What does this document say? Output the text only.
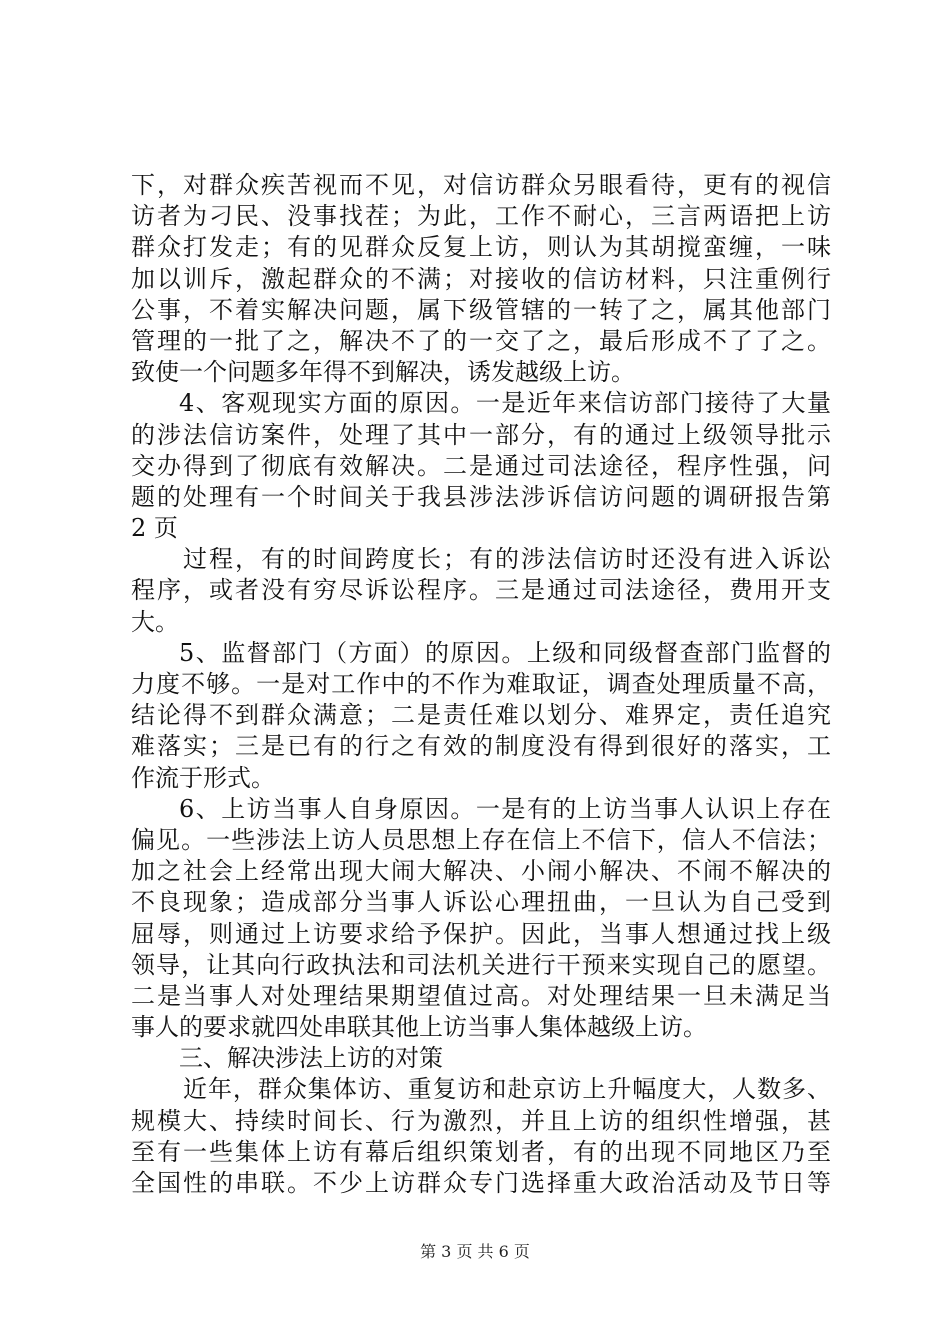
下，对群众疾苦视而不见，对信访群众另眼看待，更有的视信
访者为刁民、没事找茬；为此，工作不耐心，三言两语把上访
群众打发走；有的见群众反复上访，则认为其胡搅蛮缠，一味
加以训斥，激起群众的不满；对接收的信访材料，只注重例行
公事，不着实解决问题，属下级管辖的一转了之，属其他部门
管理的一批了之，解决不了的一交了之，最后形成不了了之。
致使一个问题多年得不到解决，诱发越级上访。
4、客观现实方面的原因。一是近年来信访部门接待了大量
的涉法信访案件，处理了其中一部分，有的通过上级领导批示
交办得到了彻底有效解决。二是通过司法途径，程序性强，问
题的处理有一个时间关于我县涉法涉诉信访问题的调研报告第
2 页
过程，有的时间跨度长；有的涉法信访时还没有进入诉讼
程序，或者没有穷尽诉讼程序。三是通过司法途径，费用开支
大。
5、监督部门（方面）的原因。上级和同级督查部门监督的
力度不够。一是对工作中的不作为难取证，调查处理质量不高，
结论得不到群众满意；二是责任难以划分、难界定，责任追究
难落实；三是已有的行之有效的制度没有得到很好的落实，工
作流于形式。
6、上访当事人自身原因。一是有的上访当事人认识上存在
偏见。一些涉法上访人员思想上存在信上不信下，信人不信法；
加之社会上经常出现大闹大解决、小闹小解决、不闹不解决的
不良现象；造成部分当事人诉讼心理扭曲，一旦认为自己受到
屈辱，则通过上访要求给予保护。因此，当事人想通过找上级
领导，让其向行政执法和司法机关进行干预来实现自己的愿望。
二是当事人对处理结果期望值过高。对处理结果一旦未满足当
事人的要求就四处串联其他上访当事人集体越级上访。
三、解决涉法上访的对策
近年，群众集体访、重复访和赴京访上升幅度大，人数多、
规模大、持续时间长、行为激烈，并且上访的组织性增强，甚
至有一些集体上访有幕后组织策划者，有的出现不同地区乃至
全国性的串联。不少上访群众专门选择重大政治活动及节日等
第 3 页 共 6 页
